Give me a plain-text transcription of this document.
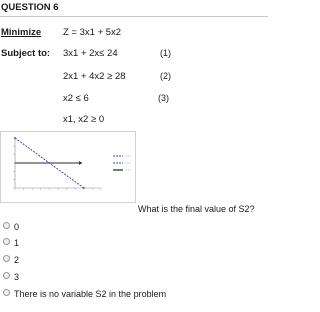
QUESTION 6
Minimize Z = 3x1 + 5x2
Subject to: 3x1 + 2x≤ 24	(1)
2x1 + 4x2 ≥ 28	(2)
x2 ≤ 6	(3)
x1, x2 ≥ 0
What is the final value of S2?
0
1
2
3
There is no variable S2 in the problem
